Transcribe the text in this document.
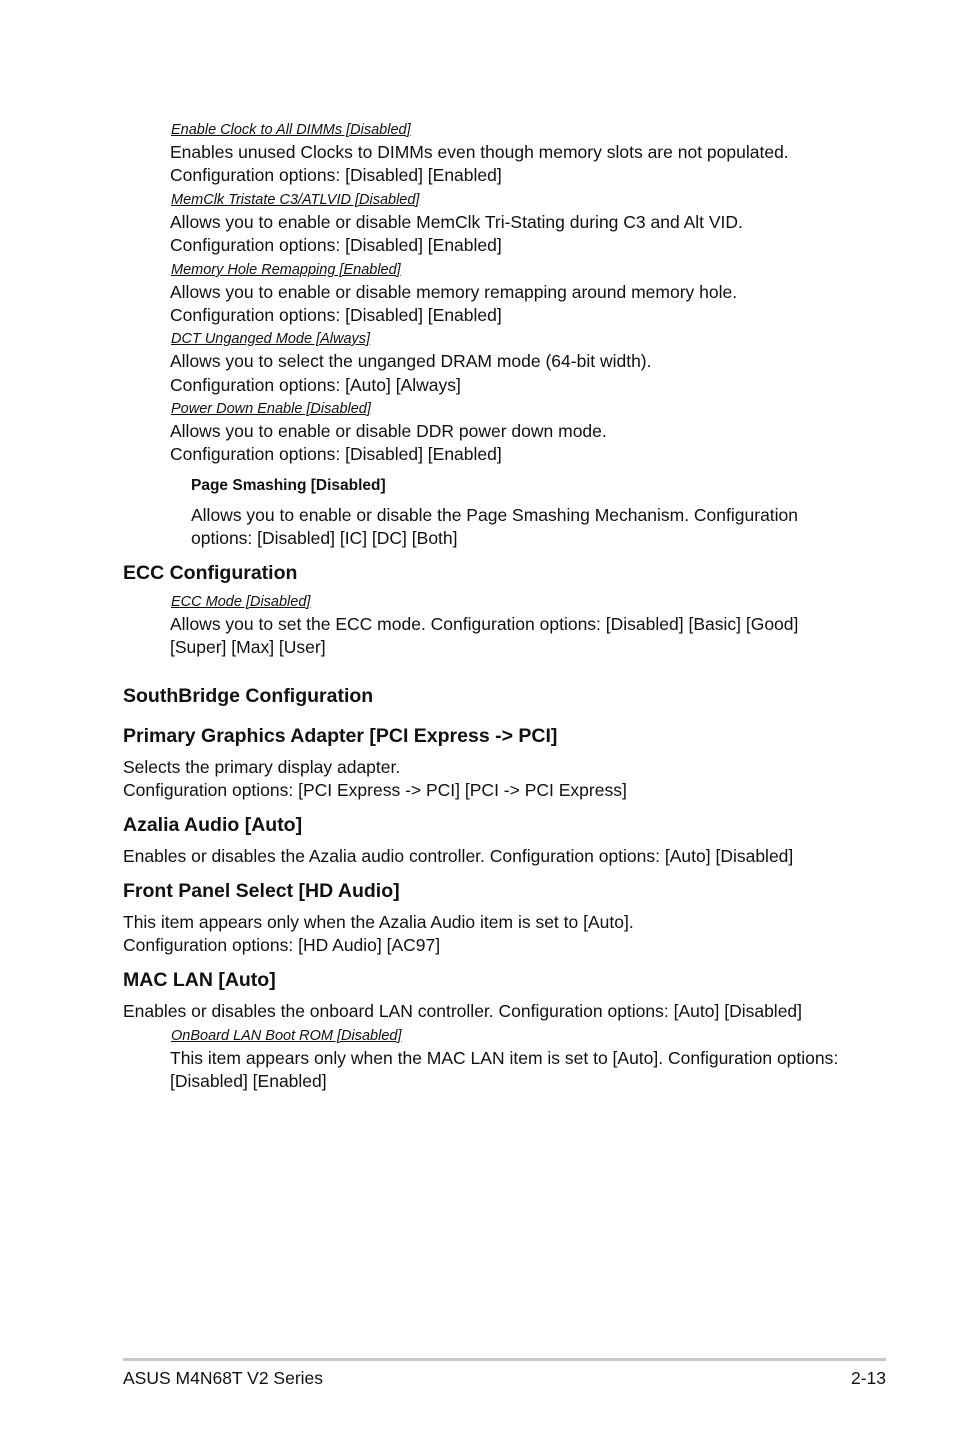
Enable Clock to All DIMMs [Disabled]

Enables unused Clocks to DIMMs even though memory slots are not populated.

Configuration options: [Disabled] [Enabled]

MemClk Tristate C3/ATLVID [Disabled]

Allows you to enable or disable MemClk Tri-Stating during C3 and Alt VID.

Configuration options: [Disabled] [Enabled]

Memory Hole Remapping [Enabled]

Allows you to enable or disable memory remapping around memory hole.

Configuration options: [Disabled] [Enabled]

DCT Unganged Mode [Always]

Allows you to select the unganged DRAM mode (64-bit width).

Configuration options: [Auto] [Always]

Power Down Enable [Disabled]

Allows you to enable or disable DDR power down mode.

Configuration options: [Disabled] [Enabled]

Page Smashing [Disabled]

Allows you to enable or disable the Page Smashing Mechanism. Configuration

options: [Disabled] [IC] [DC] [Both]

ECC Configuration

ECC Mode [Disabled]

Allows you to set the ECC mode. Configuration options: [Disabled] [Basic] [Good]

[Super] [Max] [User]

SouthBridge Configuration
Primary Graphics Adapter [PCI Express -> PCI]

Selects the primary display adapter.

Configuration options: [PCI Express -> PCI] [PCI -> PCI Express]

Azalia Audio [Auto]

Enables or disables the Azalia audio controller. Configuration options: [Auto] [Disabled]

Front Panel Select [HD Audio]

This item appears only when the Azalia Audio item is set to [Auto].

Configuration options: [HD Audio] [AC97]

MAC LAN [Auto]

Enables or disables the onboard LAN controller. Configuration options: [Auto] [Disabled]

OnBoard LAN Boot ROM [Disabled]

This item appears only when the MAC LAN item is set to [Auto]. Configuration options:

[Disabled] [Enabled]

ASUS M4N68T V2 Series	2-13
